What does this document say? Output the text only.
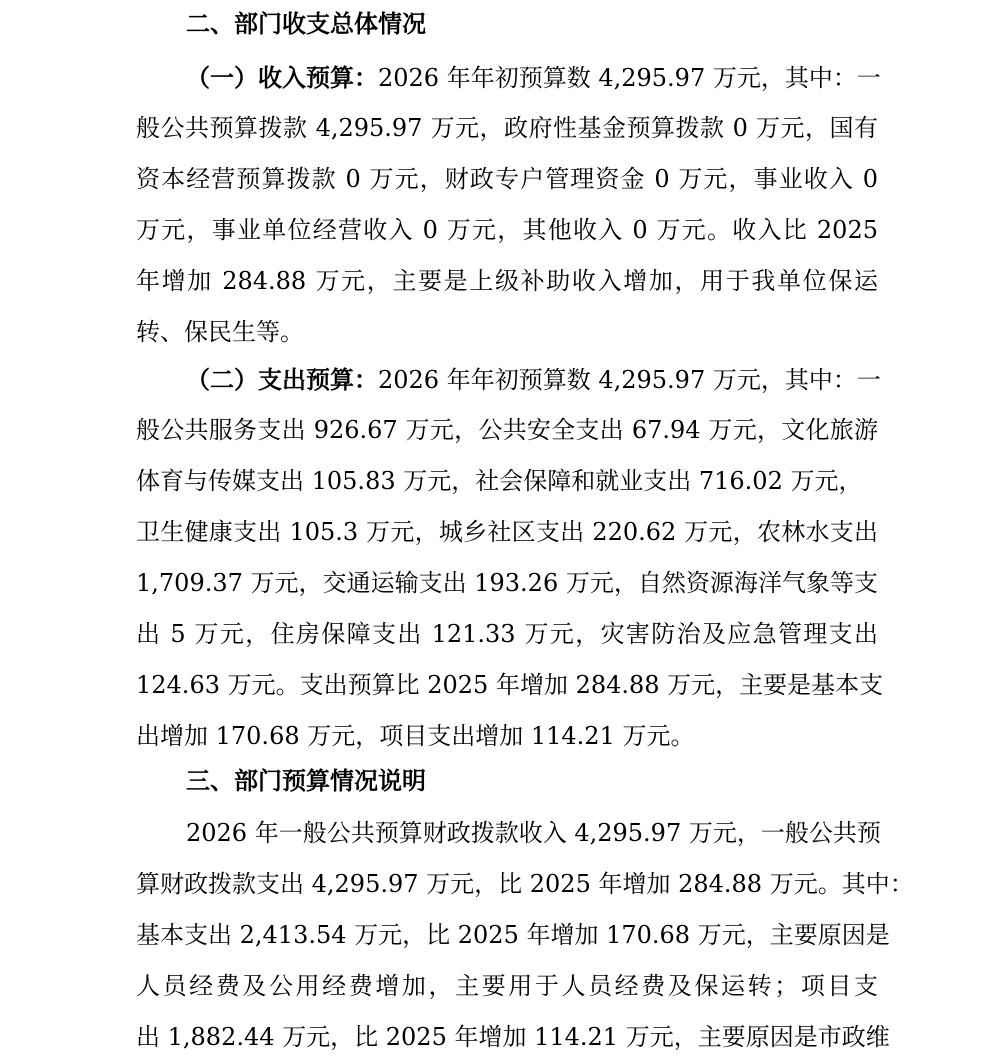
二、部门收支总体情况
（一）收入预算：2026 年年初预算数 4,295.97 万元，其中：一
般公共预算拨款 4,295.97 万元，政府性基金预算拨款 0 万元，国有
资本经营预算拨款 0 万元，财政专户管理资金 0 万元，事业收入 0
万元，事业单位经营收入 0 万元，其他收入 0 万元。收入比 2025
年增加 284.88 万元，主要是上级补助收入增加，用于我单位保运
转、保民生等。
（二）支出预算：2026 年年初预算数 4,295.97 万元，其中：一
般公共服务支出 926.67 万元，公共安全支出 67.94 万元，文化旅游
体育与传媒支出 105.83 万元，社会保障和就业支出 716.02 万元，
卫生健康支出 105.3 万元，城乡社区支出 220.62 万元，农林水支出
1,709.37 万元，交通运输支出 193.26 万元，自然资源海洋气象等支
出 5 万元，住房保障支出 121.33 万元，灾害防治及应急管理支出
124.63 万元。支出预算比 2025 年增加 284.88 万元，主要是基本支
出增加 170.68 万元，项目支出增加 114.21 万元。
三、部门预算情况说明
2026 年一般公共预算财政拨款收入 4,295.97 万元，一般公共预
算财政拨款支出 4,295.97 万元，比 2025 年增加 284.88 万元。其中：
基本支出 2,413.54 万元，比 2025 年增加 170.68 万元，主要原因是
人员经费及公用经费增加，主要用于人员经费及保运转；项目支
出 1,882.44 万元，比 2025 年增加 114.21 万元，主要原因是市政维
